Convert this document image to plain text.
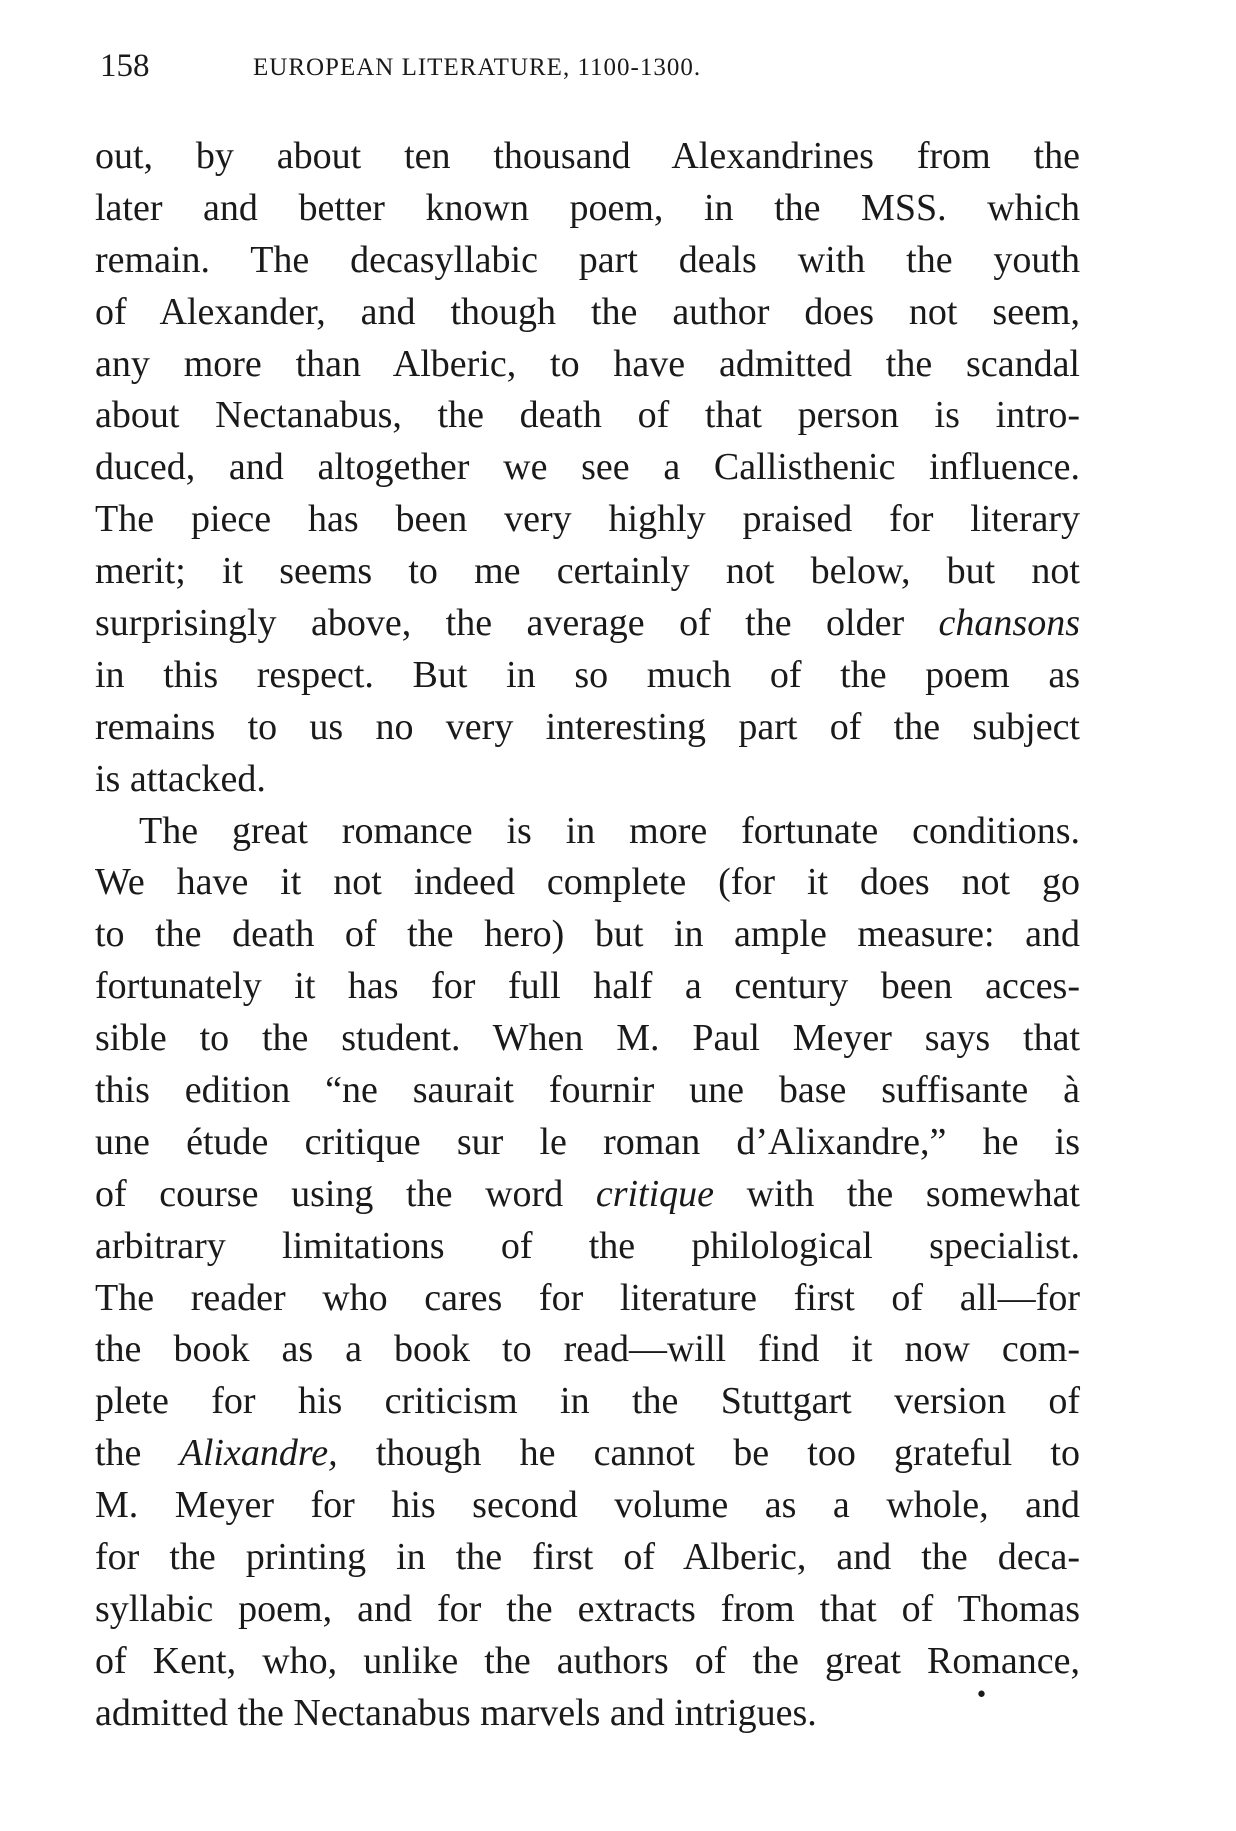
158	EUROPEAN LITERATURE, 1100-1300.
out, by about ten thousand Alexandrines from the
later and better known poem, in the MSS. which
remain. The decasyllabic part deals with the youth
of Alexander, and though the author does not seem,
any more than Alberic, to have admitted the scandal
about Nectanabus, the death of that person is intro-
duced, and altogether we see a Callisthenic influence.
The piece has been very highly praised for literary
merit; it seems to me certainly not below, but not
surprisingly above, the average of the older chansons
in this respect. But in so much of the poem as
remains to us no very interesting part of the subject
is attacked.
The great romance is in more fortunate conditions.
We have it not indeed complete (for it does not go
to the death of the hero) but in ample measure: and
fortunately it has for full half a century been acces-
sible to the student. When M. Paul Meyer says that
this edition “ne saurait fournir une base suffisante à
une étude critique sur le roman d’Alixandre,” he is
of course using the word critique with the somewhat
arbitrary limitations of the philological specialist.
The reader who cares for literature first of all—for
the book as a book to read—will find it now com-
plete for his criticism in the Stuttgart version of
the Alixandre, though he cannot be too grateful to
M. Meyer for his second volume as a whole, and
for the printing in the first of Alberic, and the deca-
syllabic poem, and for the extracts from that of Thomas
of Kent, who, unlike the authors of the great Romance,
admitted the Nectanabus marvels and intrigues.	•
